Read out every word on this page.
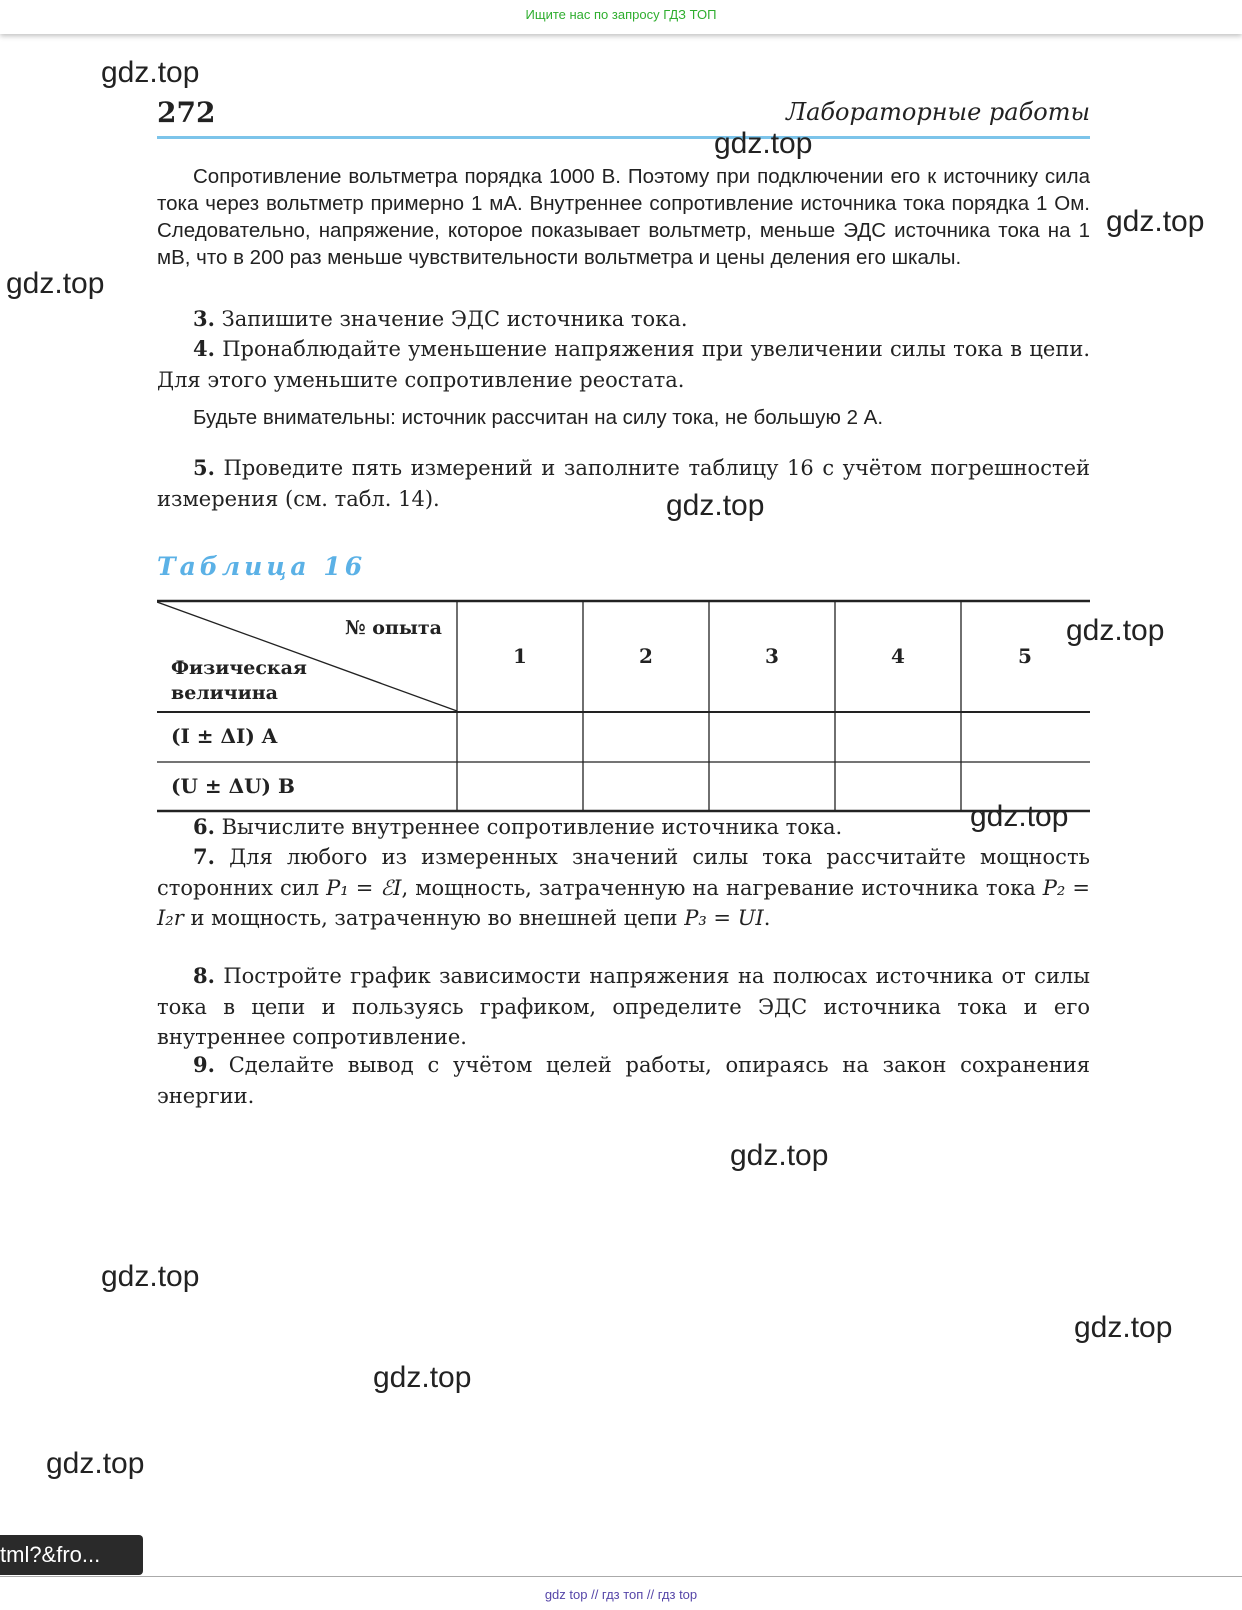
Ищите нас по запросу ГДЗ ТОП
272	Лабораторные работы
Сопротивление вольтметра порядка 1000 В. Поэтому при подключении его к источнику сила тока через вольтметр примерно 1 мА. Внутреннее сопротивление источника тока порядка 1 Ом. Следовательно, напряжение, которое показывает вольтметр, меньше ЭДС источника тока на 1 мВ, что в 200 раз меньше чувствительности вольтметра и цены деления его шкалы.
3. Запишите значение ЭДС источника тока.
4. Пронаблюдайте уменьшение напряжения при увеличении силы тока в цепи. Для этого уменьшите сопротивление реостата.
Будьте внимательны: источник рассчитан на силу тока, не большую 2 А.
5. Проведите пять измерений и заполните таблицу 16 с учётом погрешностей измерения (см. табл. 14).
Таблица 16
№ опыта
Физическая
величина
1	2	3	4	5
(I ± ΔI) A
(U ± ΔU) B
6. Вычислите внутреннее сопротивление источника тока.
7. Для любого из измеренных значений силы тока рассчитайте мощность сторонних сил P₁ = ℰI, мощность, затраченную на нагревание источника тока P₂ = I₂r и мощность, затраченную во внешней цепи P₃ = UI.
8. Постройте график зависимости напряжения на полюсах источника от силы тока в цепи и пользуясь графиком, определите ЭДС источника тока и его внутреннее сопротивление.
9. Сделайте вывод с учётом целей работы, опираясь на закон сохранения энергии.
gdz.top
gdz.top
gdz.top
gdz.top
gdz.top
gdz.top
gdz.top
gdz.top
gdz.top
gdz.top
gdz.top
gdz.top
tml?&fro...
gdz top // гдз топ // гдз top
